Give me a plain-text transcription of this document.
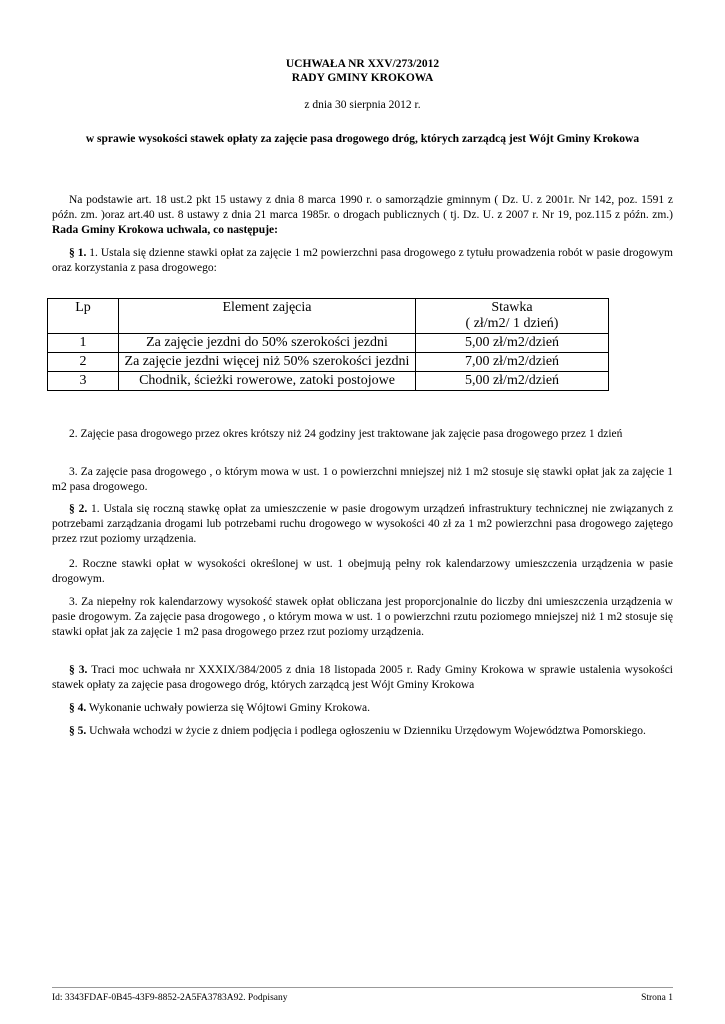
UCHWAŁA NR XXV/273/2012
RADY GMINY KROKOWA
z dnia 30 sierpnia 2012 r.
w sprawie wysokości stawek opłaty za zajęcie pasa drogowego dróg, których zarządcą jest Wójt Gminy Krokowa
Na podstawie art. 18 ust.2 pkt 15 ustawy z dnia 8 marca 1990 r. o samorządzie gminnym ( Dz. U. z 2001r. Nr 142, poz. 1591 z późn. zm. )oraz art.40 ust. 8 ustawy z dnia 21 marca 1985r. o drogach publicznych ( tj. Dz. U. z 2007 r. Nr 19, poz.115 z późn. zm.) Rada Gminy Krokowa uchwala, co następuje:
§ 1. 1. Ustala się dzienne stawki opłat za zajęcie 1 m2 powierzchni pasa drogowego z tytułu prowadzenia robót w pasie drogowym oraz korzystania z pasa drogowego:
Lp	Element zajęcia	Stawka
( zł/m2/ 1 dzień)

1	Za zajęcie jezdni do 50% szerokości jezdni	5,00 zł/m2/dzień
2	Za zajęcie jezdni więcej niż 50% szerokości jezdni	7,00 zł/m2/dzień
3	Chodnik, ścieżki rowerowe, zatoki postojowe	5,00 zł/m2/dzień
2. Zajęcie pasa drogowego przez okres krótszy niż 24 godziny jest traktowane jak zajęcie pasa drogowego przez 1 dzień
3. Za zajęcie pasa drogowego , o którym mowa w ust. 1 o powierzchni mniejszej niż 1 m2 stosuje się stawki opłat jak za zajęcie 1 m2 pasa drogowego.
§ 2. 1. Ustala się roczną stawkę opłat za umieszczenie w pasie drogowym urządzeń infrastruktury technicznej nie związanych z potrzebami zarządzania drogami lub potrzebami ruchu drogowego w wysokości 40 zł za 1 m2 powierzchni pasa drogowego zajętego przez rzut poziomy urządzenia.
2. Roczne stawki opłat w wysokości określonej w ust. 1 obejmują pełny rok kalendarzowy umieszczenia urządzenia w pasie drogowym.
3. Za niepełny rok kalendarzowy wysokość stawek opłat obliczana jest proporcjonalnie do liczby dni umieszczenia urządzenia w pasie drogowym. Za zajęcie pasa drogowego , o którym mowa w ust. 1 o powierzchni rzutu poziomego mniejszej niż 1 m2 stosuje się stawki opłat jak za zajęcie 1 m2 pasa drogowego przez rzut poziomy urządzenia.
§ 3. Traci moc uchwała nr XXXIX/384/2005 z dnia 18 listopada 2005 r. Rady Gminy Krokowa w sprawie ustalenia wysokości stawek opłaty za zajęcie pasa drogowego dróg, których zarządcą jest Wójt Gminy Krokowa
§ 4. Wykonanie uchwały powierza się Wójtowi Gminy Krokowa.
§ 5. Uchwała wchodzi w życie z dniem podjęcia i podlega ogłoszeniu w Dzienniku Urzędowym Województwa Pomorskiego.
Id: 3343FDAF-0B45-43F9-8852-2A5FA3783A92. Podpisany	Strona 1
